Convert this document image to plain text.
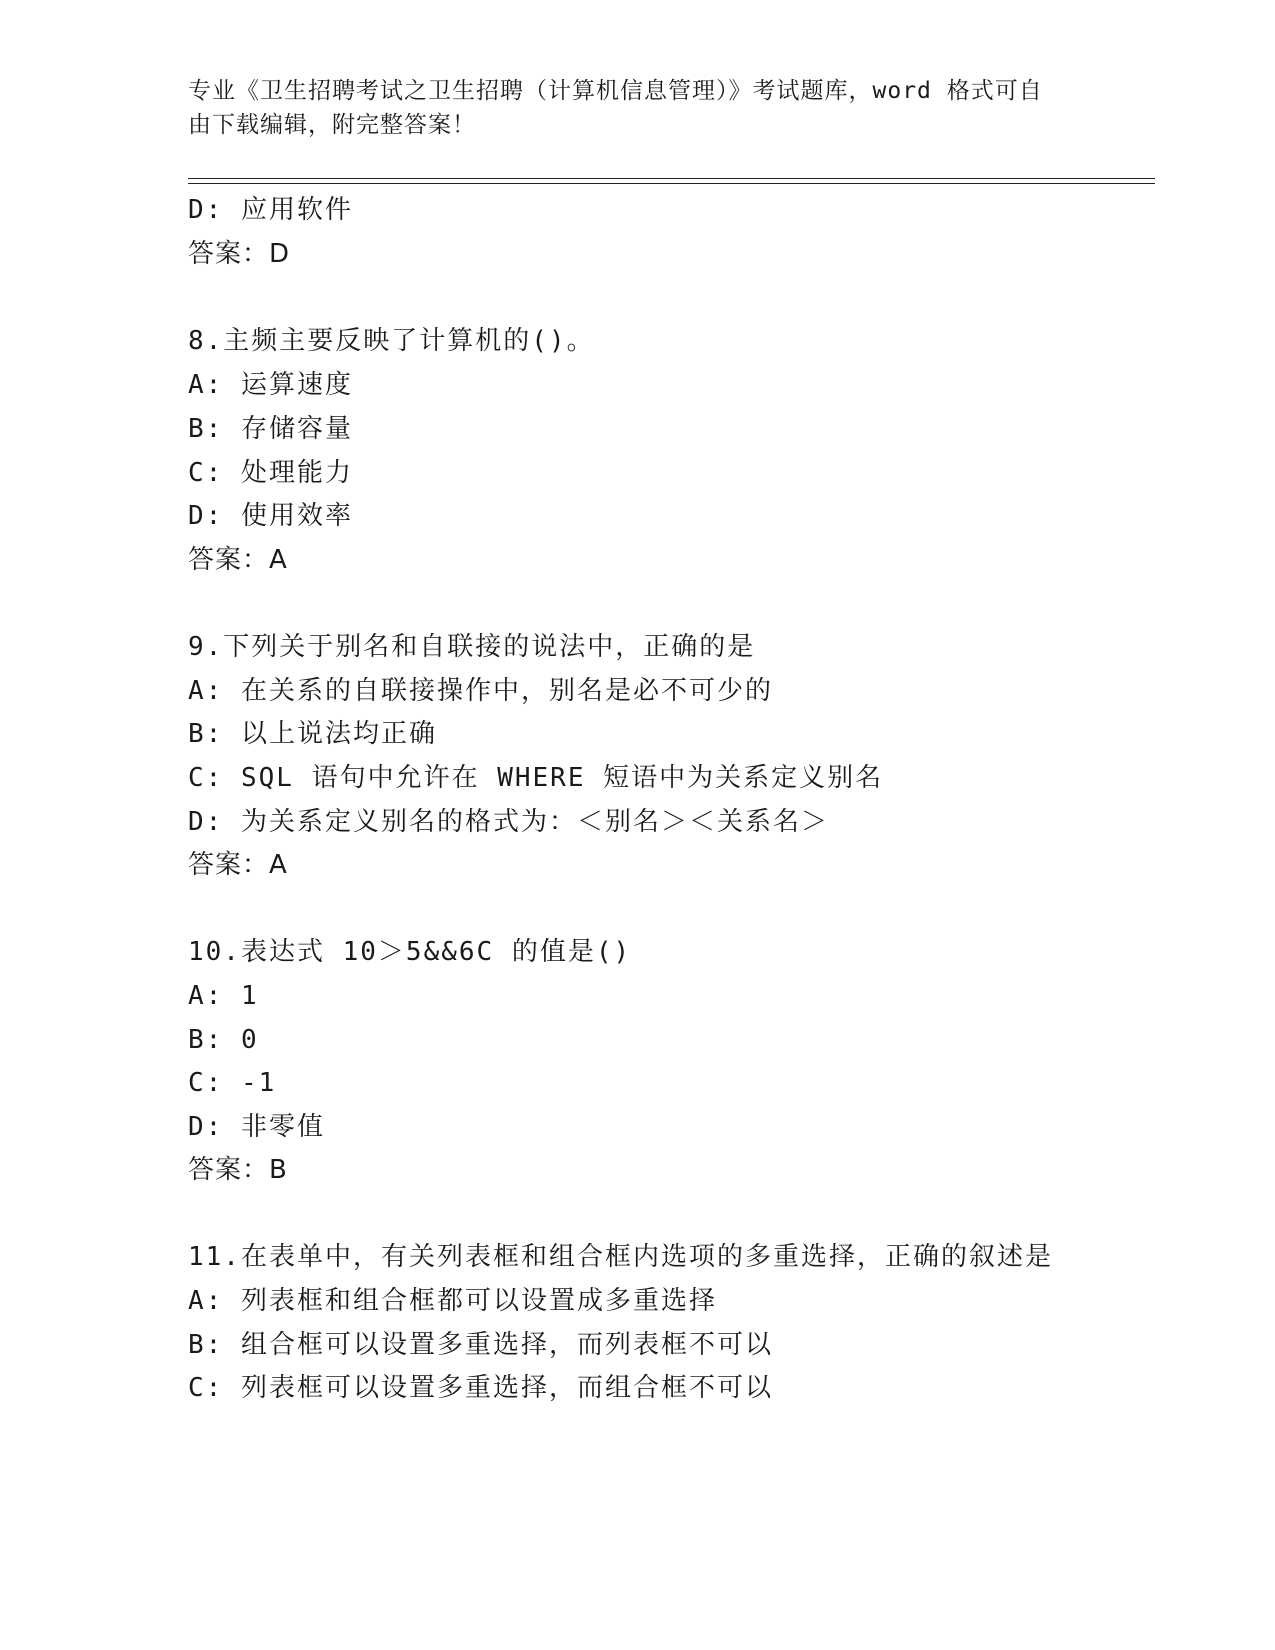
专业《卫生招聘考试之卫生招聘（计算机信息管理）》考试题库，word 格式可自
由下载编辑，附完整答案！
D: 应用软件
答案：D
8.主频主要反映了计算机的()。
A: 运算速度
B: 存储容量
C: 处理能力
D: 使用效率
答案：A
9.下列关于别名和自联接的说法中，正确的是
A: 在关系的自联接操作中，别名是必不可少的
B: 以上说法均正确
C: SQL 语句中允许在 WHERE 短语中为关系定义别名
D: 为关系定义别名的格式为：＜别名＞＜关系名＞
答案：A
10.表达式 10＞5&&6C 的值是()
A: 1
B: 0
C: -1
D: 非零值
答案：B
11.在表单中，有关列表框和组合框内选项的多重选择，正确的叙述是
A: 列表框和组合框都可以设置成多重选择
B: 组合框可以设置多重选择，而列表框不可以
C: 列表框可以设置多重选择，而组合框不可以
